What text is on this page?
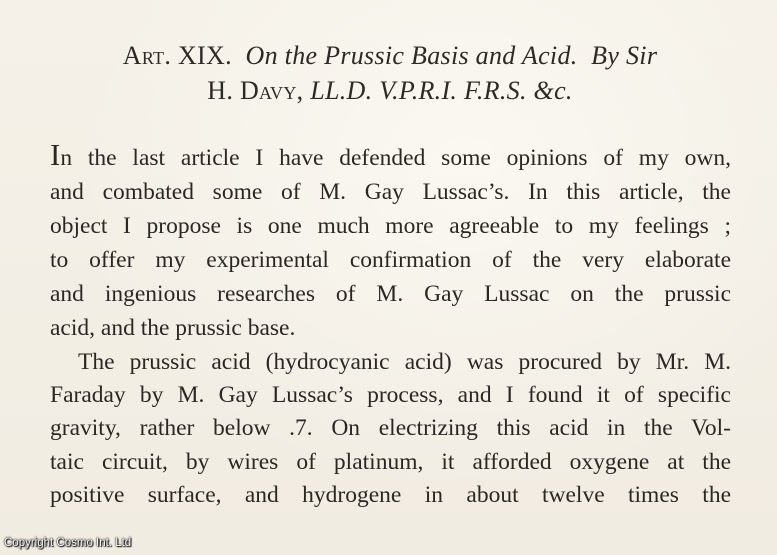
Art. XIX. On the Prussic Basis and Acid. By Sir
H. Davy, LL.D. V.P.R.I. F.R.S. &c.
In the last article I have defended some opinions of my own,
and combated some of M. Gay Lussac’s. In this article, the
object I propose is one much more agreeable to my feelings ;
to offer my experimental confirmation of the very elaborate
and ingenious researches of M. Gay Lussac on the prussic
acid, and the prussic base.
The prussic acid (hydrocyanic acid) was procured by Mr. M.
Faraday by M. Gay Lussac’s process, and I found it of specific
gravity, rather below .7. On electrizing this acid in the Vol-
taic circuit, by wires of platinum, it afforded oxygene at the
positive surface, and hydrogene in about twelve times the
Copyright Cosmo Int. Ltd
